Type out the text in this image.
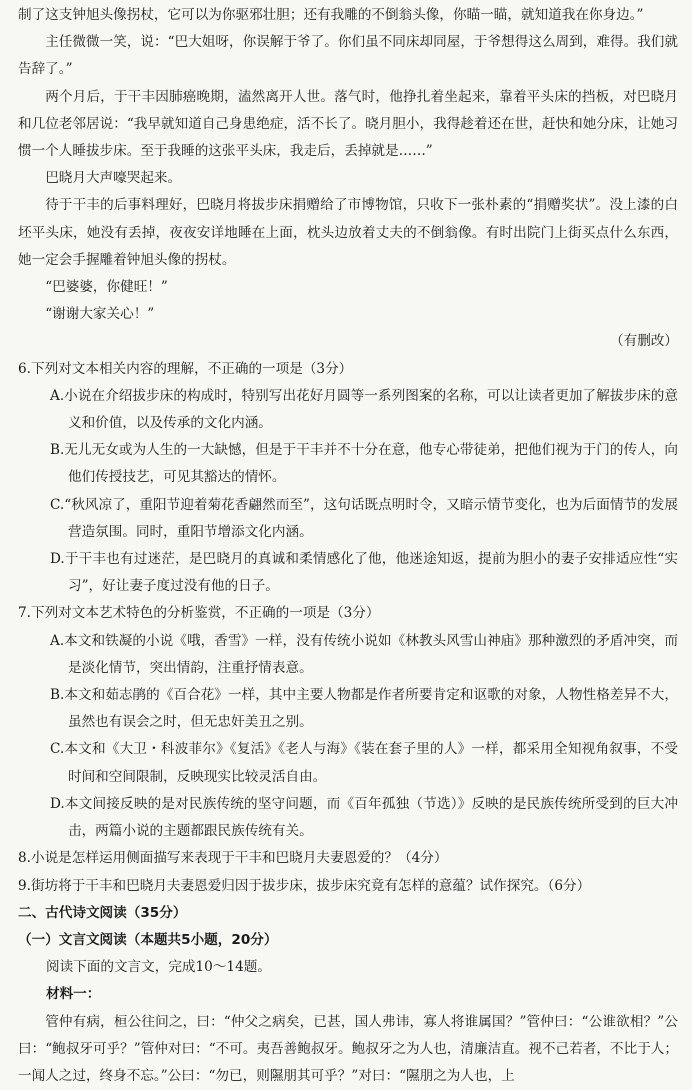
制了这支钟旭头像拐杖，它可以为你驱邪壮胆；还有我雕的不倒翁头像，你瞄一瞄，就知道我在你身边。”

主任微微一笑，说：“巴大姐呀，你误解于爷了。你们虽不同床却同屋，于爷想得这么周到，难得。我们就告辞了。”

两个月后，于干丰因肺癌晚期，溘然离开人世。落气时，他挣扎着坐起来，靠着平头床的挡板，对巴晓月和几位老邻居说：“我早就知道自己身患绝症，活不长了。晓月胆小，我得趁着还在世，赶快和她分床，让她习惯一个人睡拔步床。至于我睡的这张平头床，我走后，丢掉就是……”

巴晓月大声嚎哭起来。

待于干丰的后事料理好，巴晓月将拔步床捐赠给了市博物馆，只收下一张朴素的“捐赠奖状”。没上漆的白坯平头床，她没有丢掉，夜夜安详地睡在上面，枕头边放着丈夫的不倒翁像。有时出院门上街买点什么东西，她一定会手握雕着钟旭头像的拐杖。

“巴婆婆，你健旺！”

“谢谢大家关心！”

（有删改）

6.下列对文本相关内容的理解，不正确的一项是（3分）

A.小说在介绍拔步床的构成时，特别写出花好月圆等一系列图案的名称，可以让读者更加了解拔步床的意义和价值，以及传承的文化内涵。

B.无儿无女或为人生的一大缺憾，但是于干丰并不十分在意，他专心带徒弟，把他们视为于门的传人，向他们传授技艺，可见其豁达的情怀。

C.“秋风凉了，重阳节迎着菊花香翩然而至”，这句话既点明时令，又暗示情节变化，也为后面情节的发展营造氛围。同时，重阳节增添文化内涵。

D.于干丰也有过迷茫，是巴晓月的真诚和柔情感化了他，他迷途知返，提前为胆小的妻子安排适应性“实习”，好让妻子度过没有他的日子。

7.下列对文本艺术特色的分析鉴赏，不正确的一项是（3分）

A.本文和铁凝的小说《哦，香雪》一样，没有传统小说如《林教头风雪山神庙》那种激烈的矛盾冲突，而是淡化情节，突出情韵，注重抒情表意。

B.本文和茹志鹃的《百合花》一样，其中主要人物都是作者所要肯定和讴歌的对象，人物性格差异不大，虽然也有误会之时，但无忠奸美丑之别。

C.本文和《大卫・科波菲尔》《复活》《老人与海》《装在套子里的人》一样，都采用全知视角叙事，不受时间和空间限制，反映现实比较灵活自由。

D.本文间接反映的是对民族传统的坚守问题，而《百年孤独（节选）》反映的是民族传统所受到的巨大冲击，两篇小说的主题都跟民族传统有关。

8.小说是怎样运用侧面描写来表现于干丰和巴晓月夫妻恩爱的？（4分）

9.街坊将于干丰和巴晓月夫妻恩爱归因于拔步床，拔步床究竟有怎样的意蕴？试作探究。（6分）

二、古代诗文阅读（35分）

（一）文言文阅读（本题共5小题，20分）

阅读下面的文言文，完成10～14题。

材料一：

管仲有病，桓公往问之，曰：“仲父之病矣，已甚，国人弗讳，寡人将谁属国？”管仲曰：“公谁欲相？”公曰：“鲍叔牙可乎？”管仲对曰：“不可。夷吾善鲍叔牙。鲍叔牙之为人也，清廉洁直。视不己若者，不比于人；一闻人之过，终身不忘。”公曰：“勿已，则隰朋其可乎？”对曰：“隰朋之为人也，上
